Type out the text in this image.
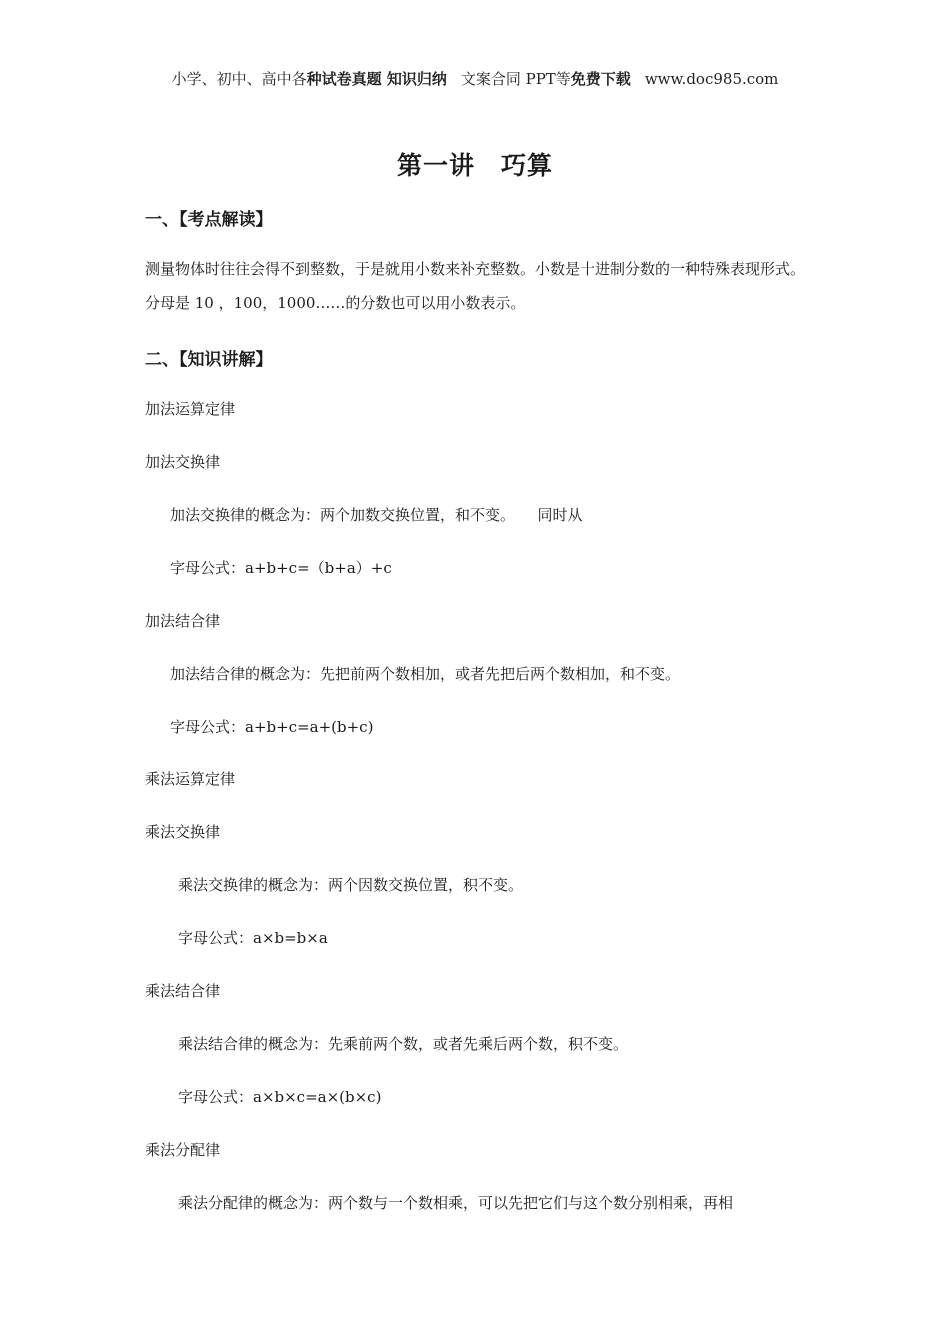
小学、初中、高中各种试卷真题 知识归纳 文案合同 PPT等免费下载 www.doc985.com
第一讲　巧算
一、【考点解读】
测量物体时往往会得不到整数，于是就用小数来补充整数。小数是十进制分数的一种特殊表现形式。分母是 10 ，100，1000……的分数也可以用小数表示。
二、【知识讲解】
加法运算定律
加法交换律
加法交换律的概念为：两个加数交换位置，和不变。　　同时从
字母公式：a+b+c=（b+a）+c
加法结合律
加法结合律的概念为：先把前两个数相加，或者先把后两个数相加，和不变。
字母公式：a+b+c=a+(b+c)
乘法运算定律
乘法交换律
乘法交换律的概念为：两个因数交换位置，积不变。
字母公式：a×b=b×a
乘法结合律
乘法结合律的概念为：先乘前两个数，或者先乘后两个数，积不变。
字母公式：a×b×c=a×(b×c)
乘法分配律
乘法分配律的概念为：两个数与一个数相乘，可以先把它们与这个数分别相乘，再相
